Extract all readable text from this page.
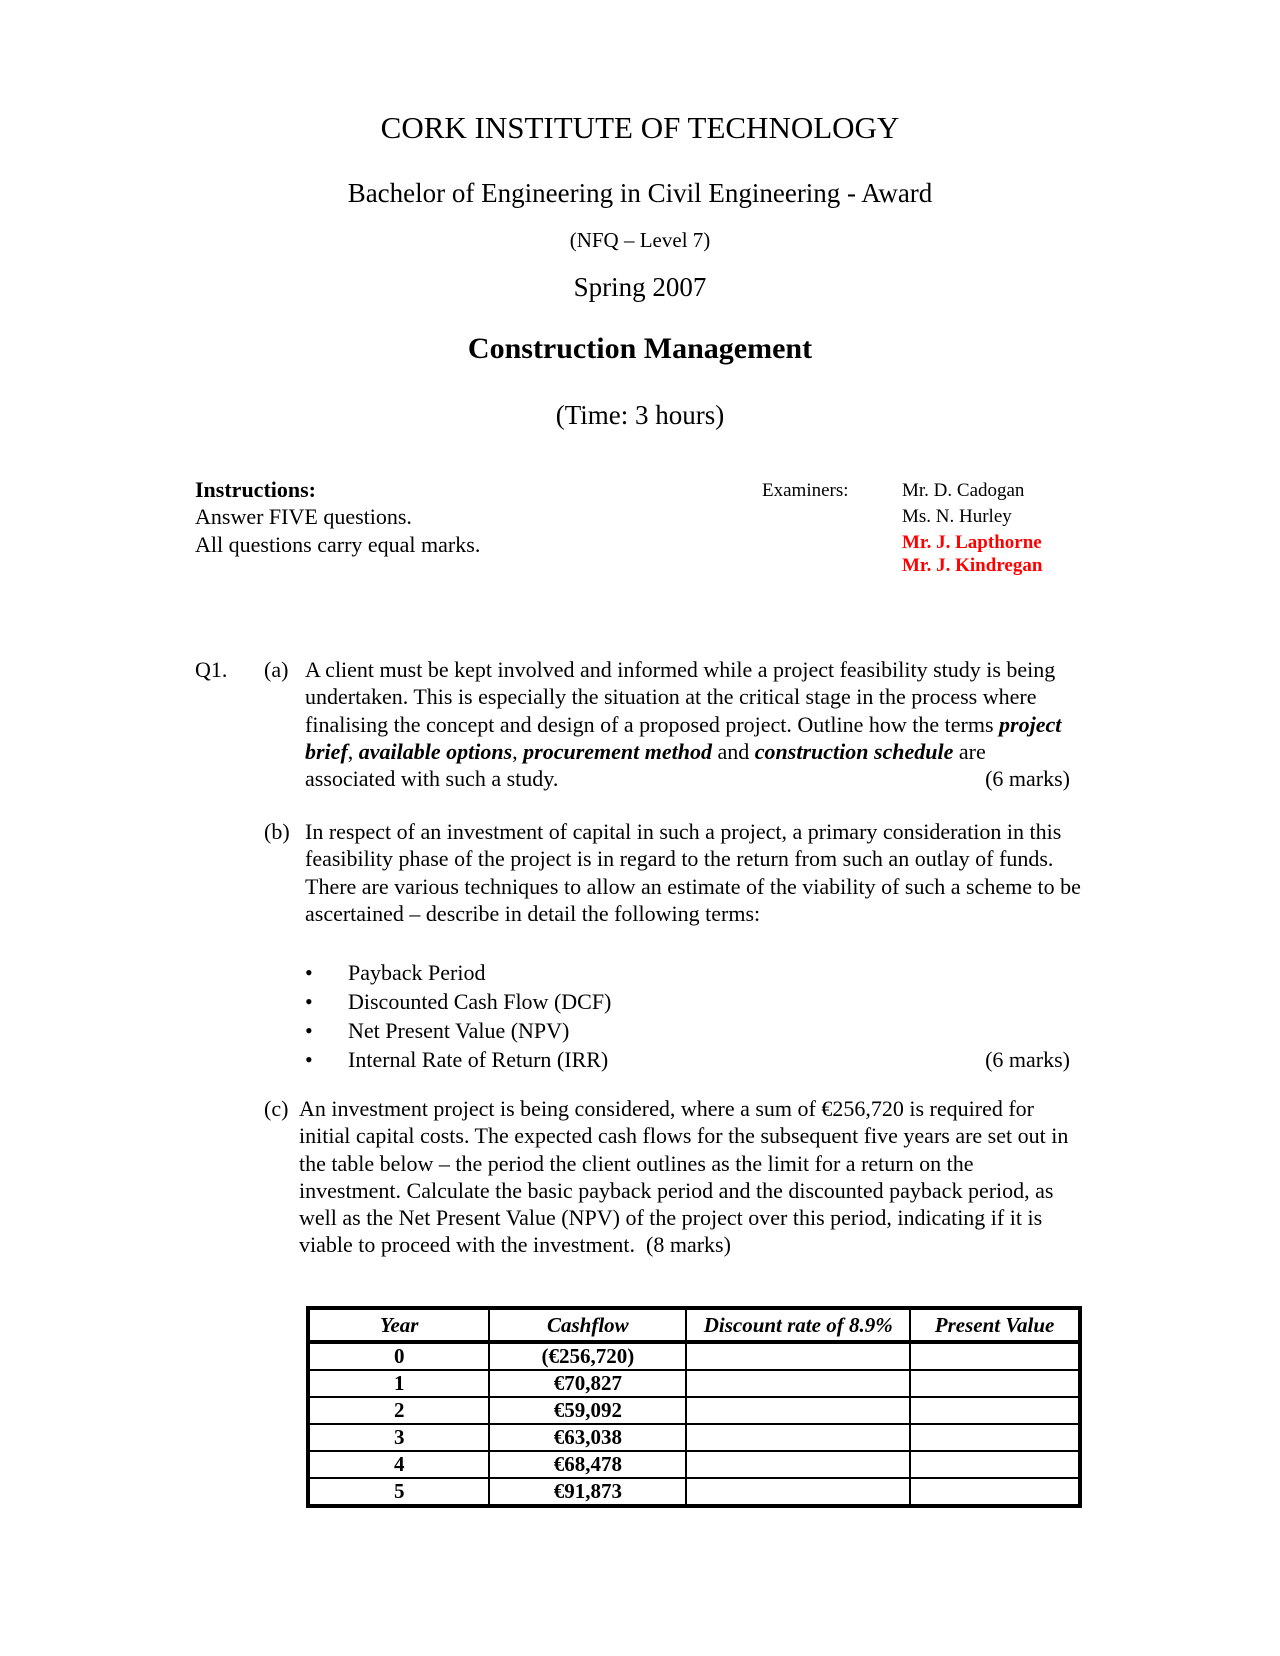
CORK INSTITUTE OF TECHNOLOGY
Bachelor of Engineering in Civil Engineering - Award
(NFQ – Level 7)
Spring 2007
Construction Management
(Time: 3 hours)
Instructions:
Answer FIVE questions.
All questions carry equal marks.
Examiners:	Mr. D. Cadogan
Ms. N. Hurley
Mr. J. Lapthorne
Mr. J. Kindregan
Q1. (a) A client must be kept involved and informed while a project feasibility study is being undertaken. This is especially the situation at the critical stage in the process where finalising the concept and design of a proposed project. Outline how the terms project brief, available options, procurement method and construction schedule are associated with such a study.	(6 marks)
(b) In respect of an investment of capital in such a project, a primary consideration in this feasibility phase of the project is in regard to the return from such an outlay of funds. There are various techniques to allow an estimate of the viability of such a scheme to be ascertained – describe in detail the following terms:
• Payback Period
• Discounted Cash Flow (DCF)
• Net Present Value (NPV)
• Internal Rate of Return (IRR)	(6 marks)
(c) An investment project is being considered, where a sum of €256,720 is required for initial capital costs. The expected cash flows for the subsequent five years are set out in the table below – the period the client outlines as the limit for a return on the investment. Calculate the basic payback period and the discounted payback period, as well as the Net Present Value (NPV) of the project over this period, indicating if it is viable to proceed with the investment. (8 marks)
Year	Cashflow	Discount rate of 8.9%	Present Value
0	(€256,720)		
1	€70,827		
2	€59,092		
3	€63,038		
4	€68,478		
5	€91,873		
